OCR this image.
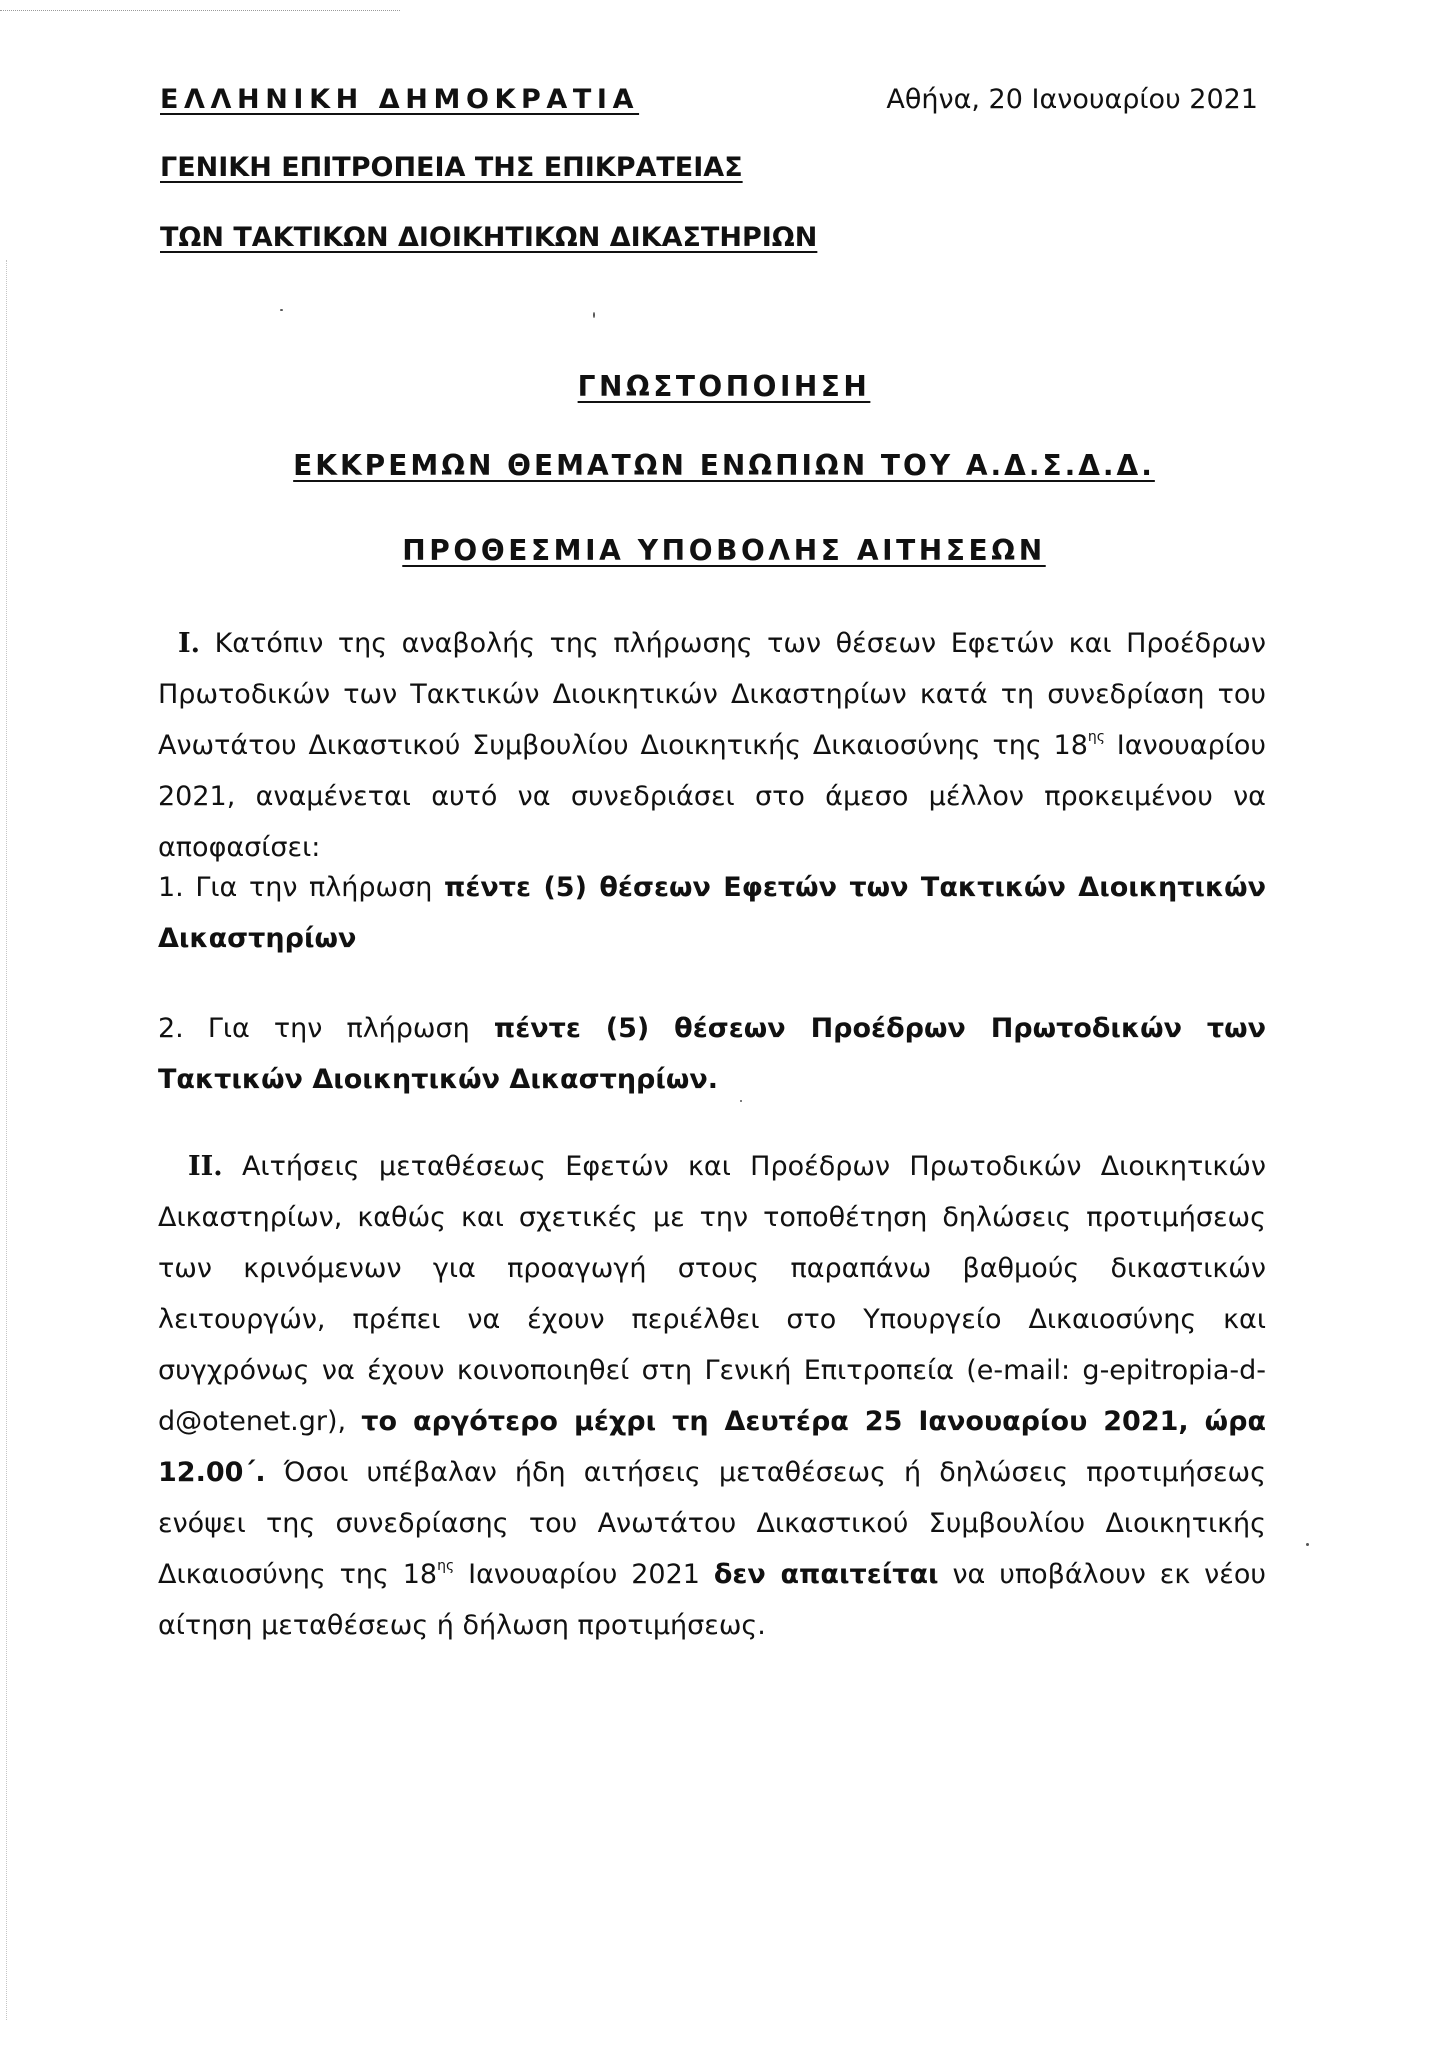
ΕΛΛΗΝΙΚΗ ΔΗΜΟΚΡΑΤΙΑ	Αθήνα, 20 Ιανουαρίου 2021
ΓΕΝΙΚΗ ΕΠΙΤΡΟΠΕΙΑ ΤΗΣ ΕΠΙΚΡΑΤΕΙΑΣ
ΤΩΝ ΤΑΚΤΙΚΩΝ ΔΙΟΙΚΗΤΙΚΩΝ ΔΙΚΑΣΤΗΡΙΩΝ
ΓΝΩΣΤΟΠΟΙΗΣΗ
ΕΚΚΡΕΜΩΝ ΘΕΜΑΤΩΝ ΕΝΩΠΙΩΝ ΤΟΥ Α.Δ.Σ.Δ.Δ.
ΠΡΟΘΕΣΜΙΑ ΥΠΟΒΟΛΗΣ ΑΙΤΗΣΕΩΝ
I. Κατόπιν της αναβολής της πλήρωσης των θέσεων Εφετών και Προέδρων Πρωτοδικών των Τακτικών Διοικητικών Δικαστηρίων κατά τη συνεδρίαση του Ανωτάτου Δικαστικού Συμβουλίου Διοικητικής Δικαιοσύνης της $18^{\eta\varsigma}$ Ιανουαρίου 2021, αναμένεται αυτό να συνεδριάσει στο άμεσο μέλλον προκειμένου να αποφασίσει:
1. Για την πλήρωση πέντε (5) θέσεων Εφετών των Τακτικών Διοικητικών Δικαστηρίων
2. Για την πλήρωση πέντε (5) θέσεων Προέδρων Πρωτοδικών των Τακτικών Διοικητικών Δικαστηρίων.
II. Αιτήσεις μεταθέσεως Εφετών και Προέδρων Πρωτοδικών Διοικητικών Δικαστηρίων, καθώς και σχετικές με την τοποθέτηση δηλώσεις προτιμήσεως των κρινόμενων για προαγωγή στους παραπάνω βαθμούς δικαστικών λειτουργών, πρέπει να έχουν περιέλθει στο Υπουργείο Δικαιοσύνης και συγχρόνως να έχουν κοινοποιηθεί στη Γενική Επιτροπεία (e-mail: g-epitropia-d-d@otenet.gr), το αργότερο μέχρι τη Δευτέρα 25 Ιανουαρίου 2021, ώρα 12.00΄. Όσοι υπέβαλαν ήδη αιτήσεις μεταθέσεως ή δηλώσεις προτιμήσεως ενόψει της συνεδρίασης του Ανωτάτου Δικαστικού Συμβουλίου Διοικητικής Δικαιοσύνης της $18^{\eta\varsigma}$ Ιανουαρίου 2021 δεν απαιτείται να υποβάλουν εκ νέου αίτηση μεταθέσεως ή δήλωση προτιμήσεως.
